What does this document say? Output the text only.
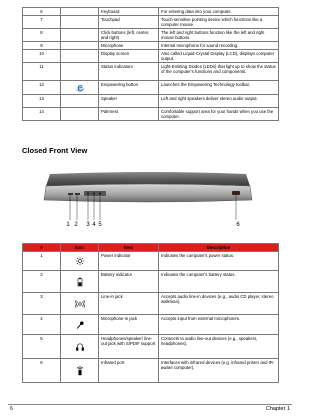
6		Keyboard	For entering data into your computer.
7		Touchpad	Touch-sensitive pointing device which functions like a computer mouse.
8		Click buttons (left, center, and right)	The left and right buttons function like the left and right mouse buttons.
9		Microphone	Internal microphone for sound recording.
10		Display screen	Also called Liquid-Crystal Display (LCD), displays computer output.
11		Status indicators	Light-Emitting Diodes (LEDs) that light up to show the status of the computer's functions and components.
12		Empowering button	Launches the Empowering Technology toolbar.
13		Speaker	Left and right speakers deliver stereo audio output.
14		Palmrest	Comfortable support area for your hands when you use the computer.
Closed Front View
1 2 3 4 5	6
#	Icon	Item	Description
1		Power indicator	Indicates the computer's power status.
2		Battery indicator	Indicates the computer's battery status.
3		Line-in jack	Accepts audio line-in devices (e.g., audio CD player, stereo walkman).
4		Microphone-in jack	Accepts input from external microphones.
5		Headphones/speaker/ line-out jack with S/PDIF support	Connects to audio line-out devices (e.g., speakers, headphones).
6		Infrared port	Interfaces with infrared devices (e.g. infrared printer and IR-aware computer).
6	Chapter 1
